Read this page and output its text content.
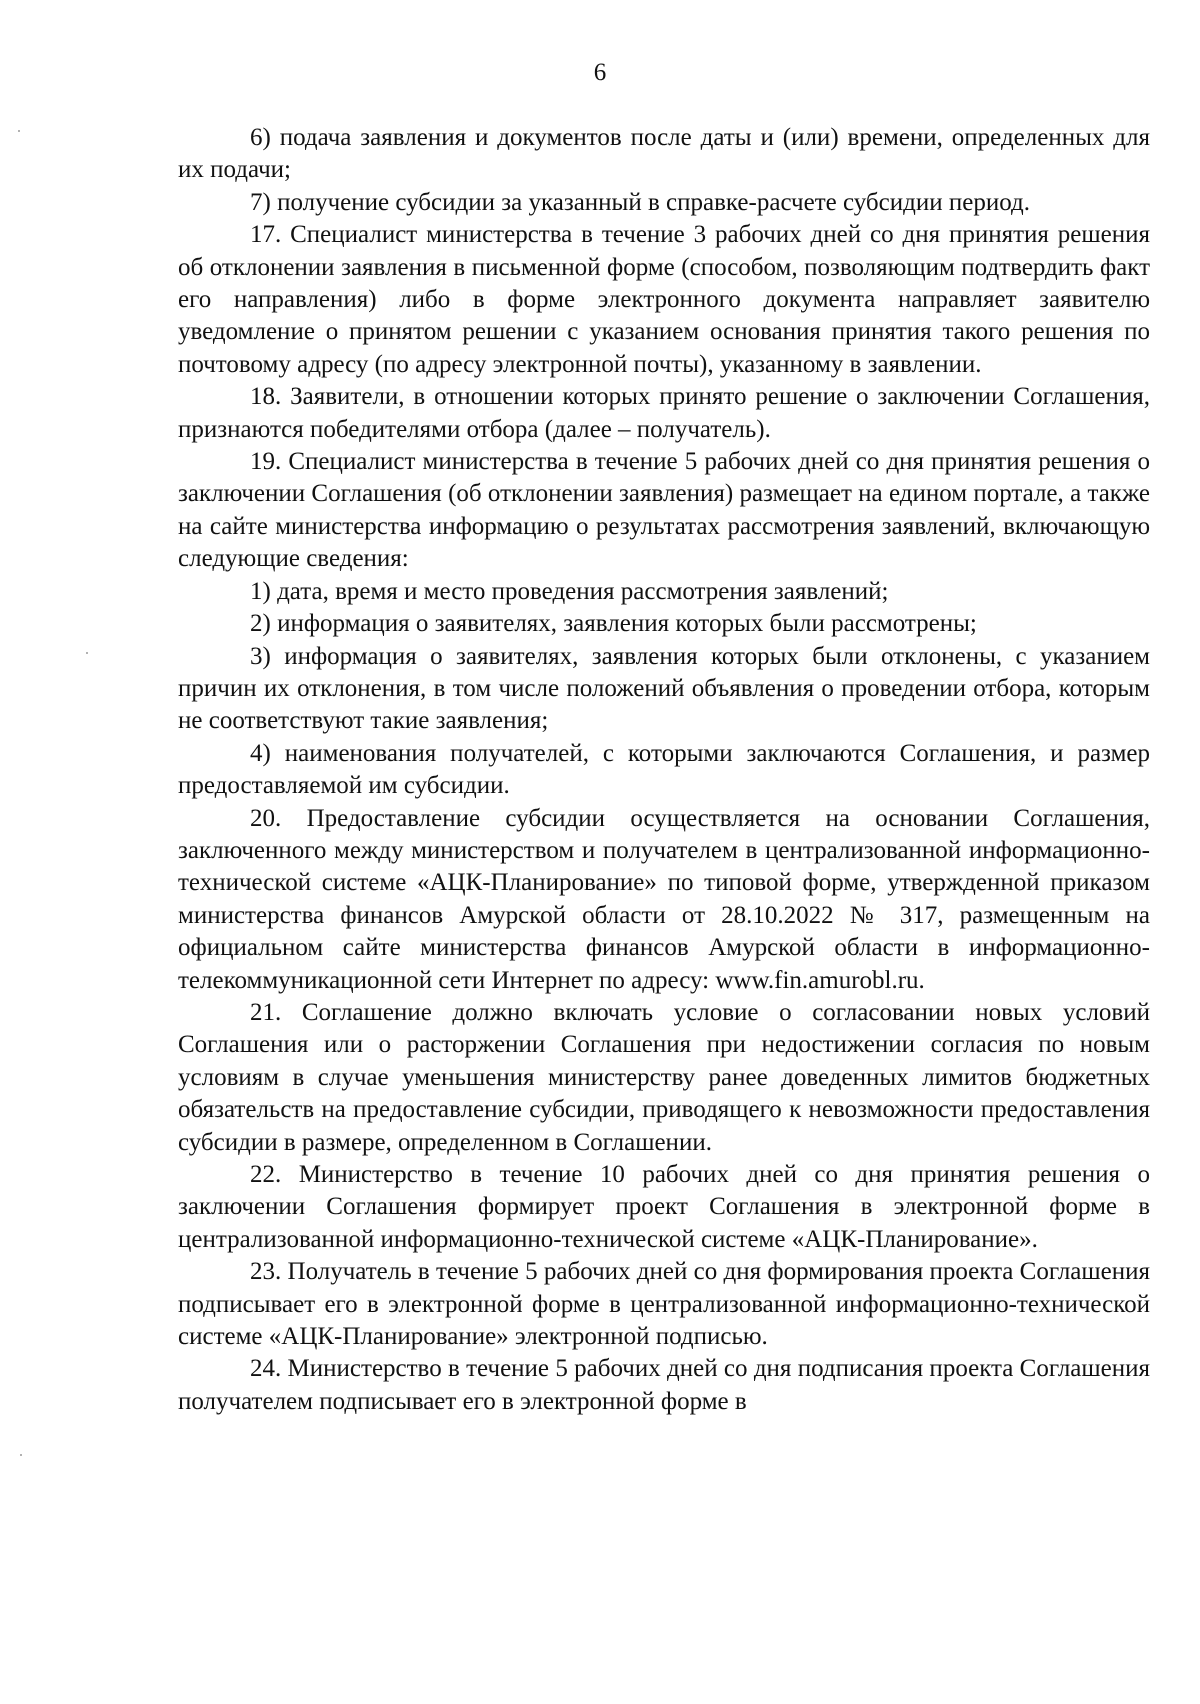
6

6) подача заявления и документов после даты и (или) времени, определенных для их подачи;

7) получение субсидии за указанный в справке-расчете субсидии период.

17. Специалист министерства в течение 3 рабочих дней со дня принятия решения об отклонении заявления в письменной форме (способом, позволяющим подтвердить факт его направления) либо в форме электронного документа направляет заявителю уведомление о принятом решении с указанием основания принятия такого решения по почтовому адресу (по адресу электронной почты), указанному в заявлении.

18. Заявители, в отношении которых принято решение о заключении Соглашения, признаются победителями отбора (далее – получатель).

19. Специалист министерства в течение 5 рабочих дней со дня принятия решения о заключении Соглашения (об отклонении заявления) размещает на едином портале, а также на сайте министерства информацию о результатах рассмотрения заявлений, включающую следующие сведения:

1) дата, время и место проведения рассмотрения заявлений;

2) информация о заявителях, заявления которых были рассмотрены;

3) информация о заявителях, заявления которых были отклонены, с указанием причин их отклонения, в том числе положений объявления о проведении отбора, которым не соответствуют такие заявления;

4) наименования получателей, с которыми заключаются Соглашения, и размер предоставляемой им субсидии.

20. Предоставление субсидии осуществляется на основании Соглашения, заключенного между министерством и получателем в централизованной информационно-технической системе «АЦК-Планирование» по типовой форме, утвержденной приказом министерства финансов Амурской области от 28.10.2022 № 317, размещенным на официальном сайте министерства финансов Амурской области в информационно-телекоммуникационной сети Интернет по адресу: www.fin.amurobl.ru.

21. Соглашение должно включать условие о согласовании новых условий Соглашения или о расторжении Соглашения при недостижении согласия по новым условиям в случае уменьшения министерству ранее доведенных лимитов бюджетных обязательств на предоставление субсидии, приводящего к невозможности предоставления субсидии в размере, определенном в Соглашении.

22. Министерство в течение 10 рабочих дней со дня принятия решения о заключении Соглашения формирует проект Соглашения в электронной форме в централизованной информационно-технической системе «АЦК-Планирование».

23. Получатель в течение 5 рабочих дней со дня формирования проекта Соглашения подписывает его в электронной форме в централизованной информационно-технической системе «АЦК-Планирование» электронной подписью.

24. Министерство в течение 5 рабочих дней со дня подписания проекта Соглашения получателем подписывает его в электронной форме в
